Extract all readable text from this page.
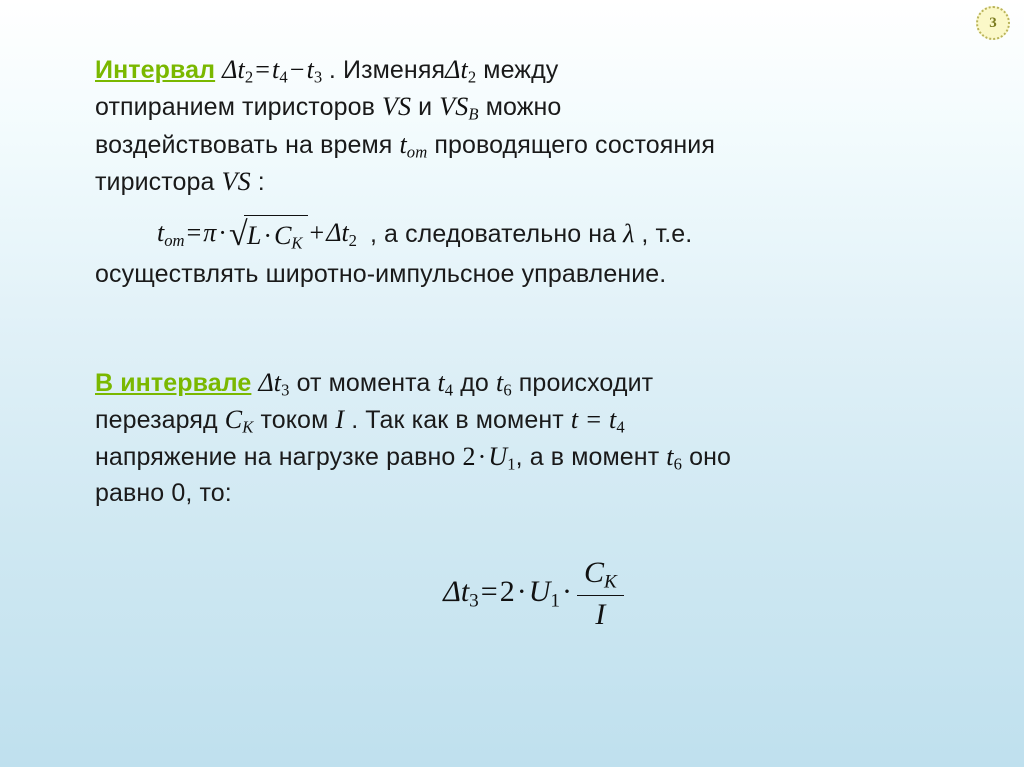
3
Интервал Δt2=t4−t3 . ИзменяяΔt2 между
отпиранием тиристоров VS и $VS_B$ можно
воздействовать на время $t_{от}$ проводящего состояния
тиристора VS :
$t_{от}=\pi\cdot$ √ $L\cdot C_K +\Delta t2$ , а следовательно на λ , т.е.
осуществлять широтно-импульсное управление.
В интервале Δt3 от момента t4 до t6 происходит
перезаряд $C_K$ током I . Так как в момент t = t4
напряжение на нагрузке равно 2·U1, а в момент t6 оно
равно 0, то:
$\Delta t3=2\cdot U1\cdot \frac{C_K}{I}$
